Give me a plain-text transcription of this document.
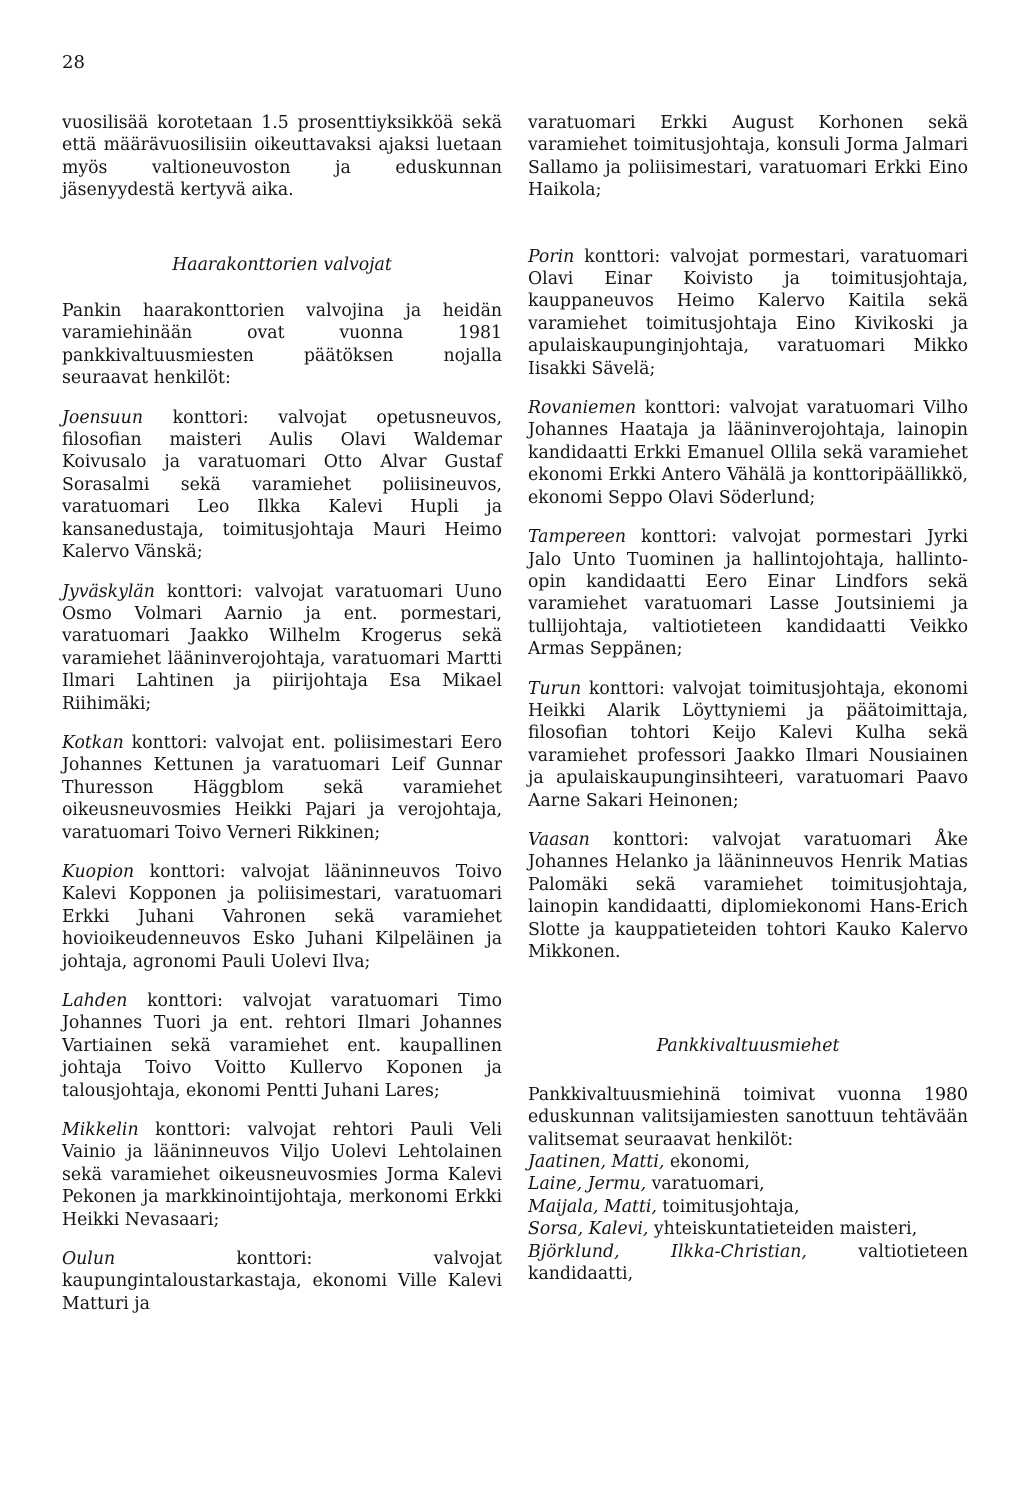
28

vuosilisää korotetaan 1.5 prosenttiyksikköä sekä että määrävuosilisiin oikeuttavaksi ajaksi luetaan myös valtioneuvoston ja eduskunnan jäsenyydestä kertyvä aika.

Haarakonttorien valvojat

Pankin haarakonttorien valvojina ja heidän varamiehinään ovat vuonna 1981 pankkivaltuusmiesten päätöksen nojalla seuraavat henkilöt:

Joensuun konttori: valvojat opetusneuvos, filosofian maisteri Aulis Olavi Waldemar Koivusalo ja varatuomari Otto Alvar Gustaf Sorasalmi sekä varamiehet poliisineuvos, varatuomari Leo Ilkka Kalevi Hupli ja kansanedustaja, toimitusjohtaja Mauri Heimo Kalervo Vänskä;

Jyväskylän konttori: valvojat varatuomari Uuno Osmo Volmari Aarnio ja ent. pormestari, varatuomari Jaakko Wilhelm Krogerus sekä varamiehet lääninverojohtaja, varatuomari Martti Ilmari Lahtinen ja piirijohtaja Esa Mikael Riihimäki;

Kotkan konttori: valvojat ent. poliisimestari Eero Johannes Kettunen ja varatuomari Leif Gunnar Thuresson Häggblom sekä varamiehet oikeusneuvosmies Heikki Pajari ja verojohtaja, varatuomari Toivo Verneri Rikkinen;

Kuopion konttori: valvojat lääninneuvos Toivo Kalevi Kopponen ja poliisimestari, varatuomari Erkki Juhani Vahronen sekä varamiehet hovioikeudenneuvos Esko Juhani Kilpeläinen ja johtaja, agronomi Pauli Uolevi Ilva;

Lahden konttori: valvojat varatuomari Timo Johannes Tuori ja ent. rehtori Ilmari Johannes Vartiainen sekä varamiehet ent. kaupallinen johtaja Toivo Voitto Kullervo Koponen ja talousjohtaja, ekonomi Pentti Juhani Lares;

Mikkelin konttori: valvojat rehtori Pauli Veli Vainio ja lääninneuvos Viljo Uolevi Lehtolainen sekä varamiehet oikeusneuvosmies Jorma Kalevi Pekonen ja markkinointijohtaja, merkonomi Erkki Heikki Nevasaari;

Oulun konttori: valvojat kaupungintaloustarkastaja, ekonomi Ville Kalevi Matturi ja

varatuomari Erkki August Korhonen sekä varamiehet toimitusjohtaja, konsuli Jorma Jalmari Sallamo ja poliisimestari, varatuomari Erkki Eino Haikola;

Porin konttori: valvojat pormestari, varatuomari Olavi Einar Koivisto ja toimitusjohtaja, kauppaneuvos Heimo Kalervo Kaitila sekä varamiehet toimitusjohtaja Eino Kivikoski ja apulaiskaupunginjohtaja, varatuomari Mikko Iisakki Sävelä;

Rovaniemen konttori: valvojat varatuomari Vilho Johannes Haataja ja lääninverojohtaja, lainopin kandidaatti Erkki Emanuel Ollila sekä varamiehet ekonomi Erkki Antero Vähälä ja konttoripäällikkö, ekonomi Seppo Olavi Söderlund;

Tampereen konttori: valvojat pormestari Jyrki Jalo Unto Tuominen ja hallintojohtaja, hallinto-opin kandidaatti Eero Einar Lindfors sekä varamiehet varatuomari Lasse Joutsiniemi ja tullijohtaja, valtiotieteen kandidaatti Veikko Armas Seppänen;

Turun konttori: valvojat toimitusjohtaja, ekonomi Heikki Alarik Löyttyniemi ja päätoimittaja, filosofian tohtori Keijo Kalevi Kulha sekä varamiehet professori Jaakko Ilmari Nousiainen ja apulaiskaupunginsihteeri, varatuomari Paavo Aarne Sakari Heinonen;

Vaasan konttori: valvojat varatuomari Åke Johannes Helanko ja lääninneuvos Henrik Matias Palomäki sekä varamiehet toimitusjohtaja, lainopin kandidaatti, diplomiekonomi Hans-Erich Slotte ja kauppatieteiden tohtori Kauko Kalervo Mikkonen.

Pankkivaltuusmiehet

Pankkivaltuusmiehinä toimivat vuonna 1980 eduskunnan valitsijamiesten sanottuun tehtävään valitsemat seuraavat henkilöt:

Jaatinen, Matti, ekonomi,

Laine, Jermu, varatuomari,

Maijala, Matti, toimitusjohtaja,

Sorsa, Kalevi, yhteiskuntatieteiden maisteri,

Björklund, Ilkka-Christian, valtiotieteen kandidaatti,
